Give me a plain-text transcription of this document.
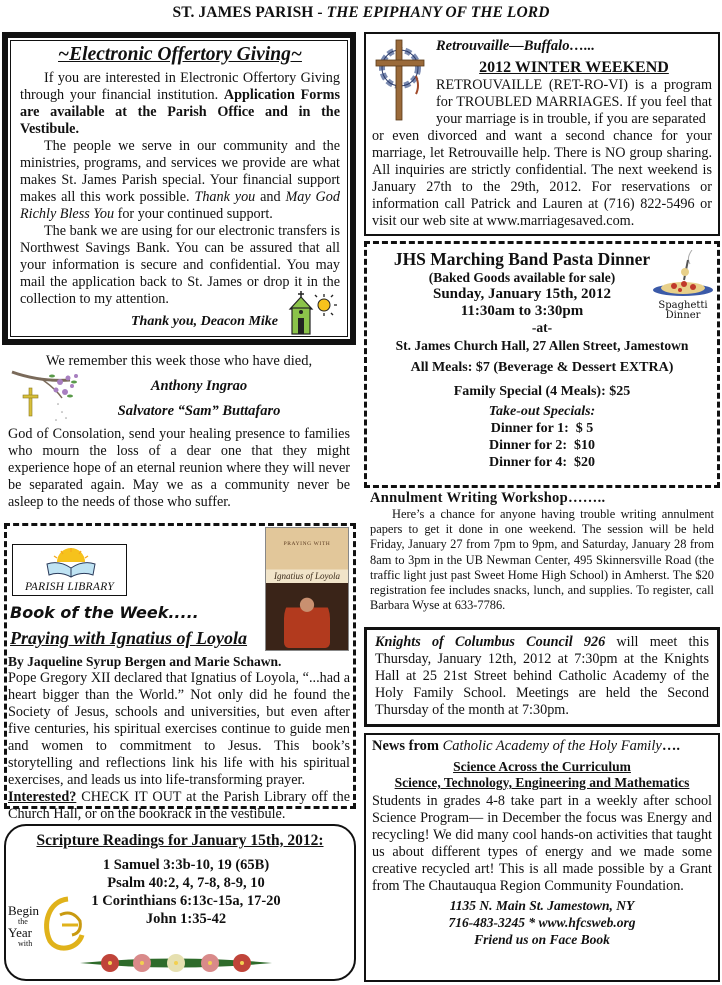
ST. JAMES PARISH - THE EPIPHANY OF THE LORD
~Electronic Offertory Giving~

If you are interested in Electronic Offertory Giving through your financial institution. Application Forms are available at the Parish Office and in the Vestibule.

The people we serve in our community and the ministries, programs, and services we provide are what makes St. James Parish special. Your financial support makes all this work possible. Thank you and May God Richly Bless You for your continued support.

The bank we are using for our electronic transfers is Northwest Savings Bank. You can be assured that all your information is secure and confidential. You may mail the application back to St. James or drop it in the collection to my attention.

Thank you, Deacon Mike
We remember this week those who have died,
Anthony Ingrao
Salvatore “Sam” Buttafaro

God of Consolation, send your healing presence to families who mourn the loss of a dear one that they might experience hope of an eternal reunion where they will never be separated again. May we as a community never be asleep to the needs of those who suffer.

PARISH LIBRARY
PRAYING WITH
Ignatius of Loyola
Book of the Week.....
Praying with Ignatius of Loyola
By Jaqueline Syrup Bergen and Marie Schawn.

Pope Gregory XII declared that Ignatius of Loyola, “...had a heart bigger than the World.” Not only did he found the Society of Jesus, schools and universities, but even after five centuries, his spiritual exercises continue to guide men and women to commitment to Jesus. This book’s storytelling and reflections link his life with his spiritual exercises, and leads us into life-transforming prayer.

Interested? CHECK IT OUT at the Parish Library off the Church Hall, or on the bookrack in the vestibule.

Scripture Readings for January 15th, 2012:
1 Samuel 3:3b-10, 19 (65B)
Psalm 40:2, 4, 7-8, 8-9, 10
1 Corinthians 6:13c-15a, 17-20
John 1:35-42
Begin
the
Year
with
Retrouvaille—Buffalo…...
2012 WINTER WEEKEND

RETROUVAILLE (RET-RO-VI) is a program for TROUBLED MARRIAGES. If you feel that your marriage is in trouble, if you are separated

or even divorced and want a second chance for your marriage, let Retrouvaille help. There is NO group sharing. All inquiries are strictly confidential. The next weekend is January 27th to the 29th, 2012. For reservations or information call Patrick and Lauren at (716) 822-5496 or visit our web site at www.marriagesaved.com.

JHS Marching Band Pasta Dinner
(Baked Goods available for sale)
Sunday, January 15th, 2012
11:30am to 3:30pm
-at-
St. James Church Hall, 27 Allen Street, Jamestown
All Meals: $7 (Beverage & Dessert EXTRA)
Family Special (4 Meals): $25
Take-out Specials:
Dinner for 1: $ 5
Dinner for 2: $10
Dinner for 4: $20
Spaghetti
Dinner
Annulment Writing Workshop……..

Here’s a chance for anyone having trouble writing annulment papers to get it done in one weekend. The session will be held Friday, January 27 from 7pm to 9pm, and Saturday, January 28 from 8am to 3pm in the UB Newman Center, 495 Skinnersville Road (the traffic light just past Sweet Home High School) in Amherst. The $20 registration fee includes snacks, lunch, and supplies. To register, call Barbara Wyse at 633-7786.

Knights of Columbus Council 926 will meet this Thursday, January 12th, 2012 at 7:30pm at the Knights Hall at 25 21st Street behind Catholic Academy of the Holy Family School. Meetings are held the Second Thursday of the month at 7:30pm.

News from Catholic Academy of the Holy Family….
Science Across the Curriculum
Science, Technology, Engineering and Mathematics

Students in grades 4-8 take part in a weekly after school Science Program— in December the focus was Energy and recycling! We did many cool hands-on activities that taught us about different types of energy and we made some creative recycled art! This is all made possible by a Grant from The Chautauqua Region Community Foundation.

1135 N. Main St. Jamestown, NY
716-483-3245 * www.hfcsweb.org
Friend us on Face Book
